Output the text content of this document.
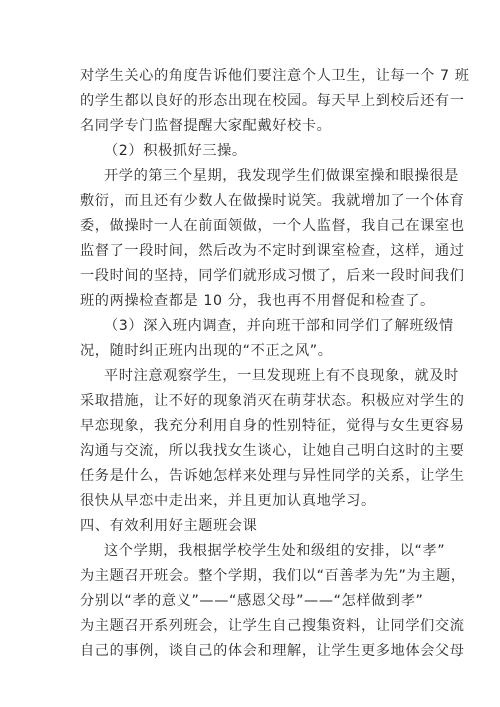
对学生关心的角度告诉他们要注意个人卫生，让每一个 7 班
的学生都以良好的形态出现在校园。每天早上到校后还有一
名同学专门监督提醒大家配戴好校卡。
（2）积极抓好三操。
开学的第三个星期，我发现学生们做课室操和眼操很是
敷衍，而且还有少数人在做操时说笑。我就增加了一个体育
委，做操时一人在前面领做，一个人监督，我自己在课室也
监督了一段时间，然后改为不定时到课室检查，这样，通过
一段时间的坚持，同学们就形成习惯了，后来一段时间我们
班的两操检查都是 10 分，我也再不用督促和检查了。
（3）深入班内调查，并向班干部和同学们了解班级情
况，随时纠正班内出现的“不正之风”。
平时注意观察学生，一旦发现班上有不良现象，就及时
采取措施，让不好的现象消灭在萌芽状态。积极应对学生的
早恋现象，我充分利用自身的性别特征，觉得与女生更容易
沟通与交流，所以我找女生谈心，让她自己明白这时的主要
任务是什么，告诉她怎样来处理与异性同学的关系，让学生
很快从早恋中走出来，并且更加认真地学习。
四、有效利用好主题班会课
这个学期，我根据学校学生处和级组的安排，以“孝”
为主题召开班会。整个学期，我们以“百善孝为先”为主题，
分别以“孝的意义”——“感恩父母”——“怎样做到孝”
为主题召开系列班会，让学生自己搜集资料，让同学们交流
自己的事例，谈自己的体会和理解，让学生更多地体会父母
